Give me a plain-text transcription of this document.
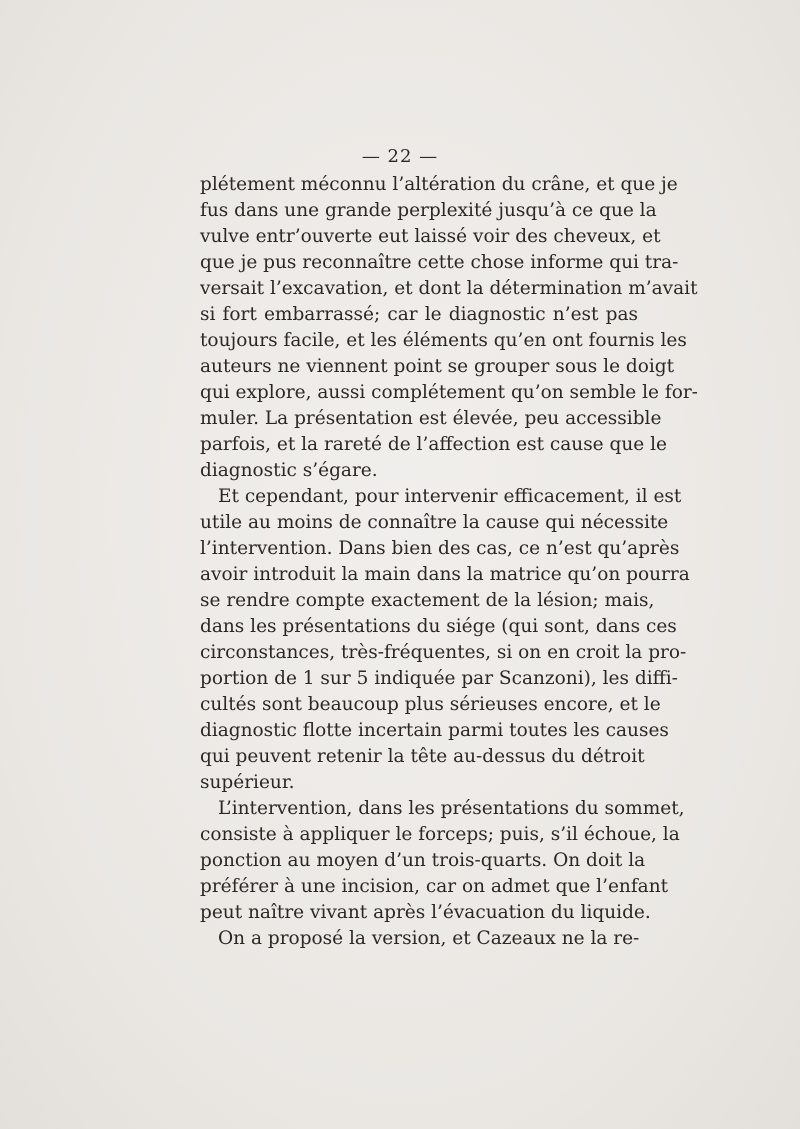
— 22 —
plétement méconnu l’altération du crâne, et que je
fus dans une grande perplexité jusqu’à ce que la
vulve entr’ouverte eut laissé voir des cheveux, et
que je pus reconnaître cette chose informe qui tra-
versait l’excavation, et dont la détermination m’avait
si fort embarrassé; car le diagnostic n’est pas
toujours facile, et les éléments qu’en ont fournis les
auteurs ne viennent point se grouper sous le doigt
qui explore, aussi complétement qu’on semble le for-
muler. La présentation est élevée, peu accessible
parfois, et la rareté de l’affection est cause que le
diagnostic s’égare.
Et cependant, pour intervenir efficacement, il est
utile au moins de connaître la cause qui nécessite
l’intervention. Dans bien des cas, ce n’est qu’après
avoir introduit la main dans la matrice qu’on pourra
se rendre compte exactement de la lésion; mais,
dans les présentations du siége (qui sont, dans ces
circonstances, très-fréquentes, si on en croit la pro-
portion de 1 sur 5 indiquée par Scanzoni), les diffi-
cultés sont beaucoup plus sérieuses encore, et le
diagnostic flotte incertain parmi toutes les causes
qui peuvent retenir la tête au-dessus du détroit
supérieur.
L’intervention, dans les présentations du sommet,
consiste à appliquer le forceps; puis, s’il échoue, la
ponction au moyen d’un trois-quarts. On doit la
préférer à une incision, car on admet que l’enfant
peut naître vivant après l’évacuation du liquide.
On a proposé la version, et Cazeaux ne la re-
